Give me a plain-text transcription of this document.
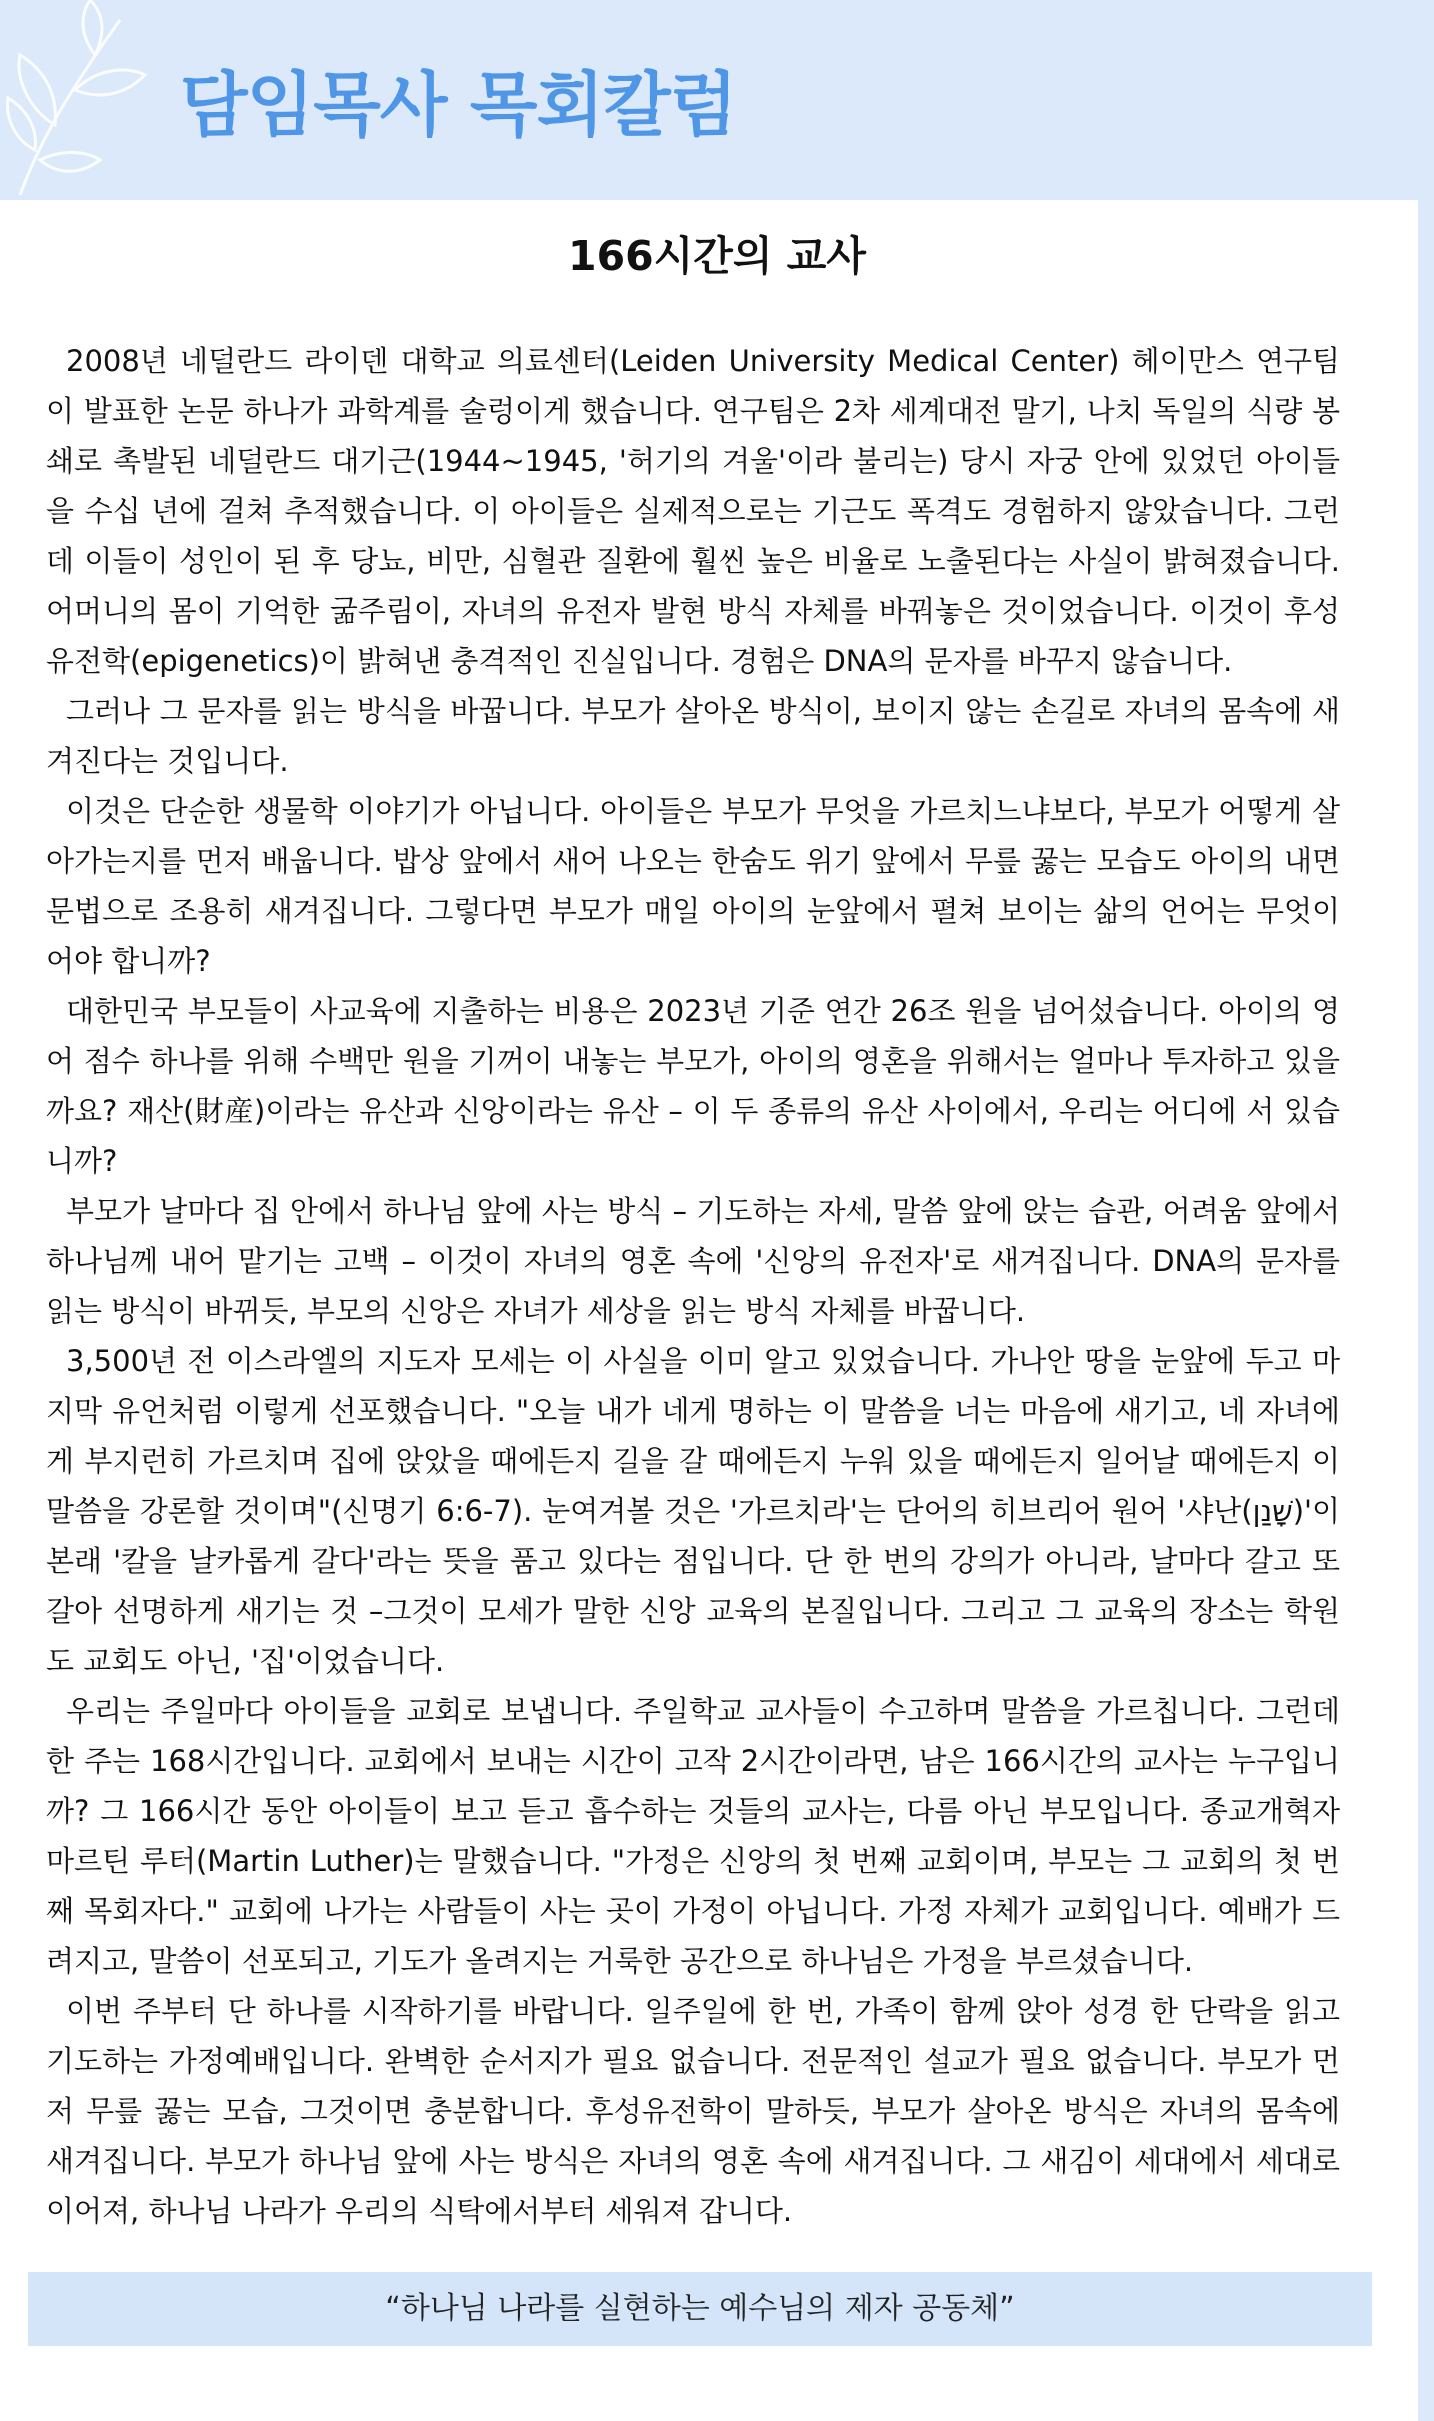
담임목사 목회칼럼
166시간의 교사

2008년 네덜란드 라이덴 대학교 의료센터(Leiden University Medical Center) 헤이만스 연구팀이 발표한 논문 하나가 과학계를 술렁이게 했습니다. 연구팀은 2차 세계대전 말기, 나치 독일의 식량 봉쇄로 촉발된 네덜란드 대기근(1944~1945, '허기의 겨울'이라 불리는) 당시 자궁 안에 있었던 아이들을 수십 년에 걸쳐 추적했습니다. 이 아이들은 실제적으로는 기근도 폭격도 경험하지 않았습니다. 그런데 이들이 성인이 된 후 당뇨, 비만, 심혈관 질환에 훨씬 높은 비율로 노출된다는 사실이 밝혀졌습니다. 어머니의 몸이 기억한 굶주림이, 자녀의 유전자 발현 방식 자체를 바꿔놓은 것이었습니다. 이것이 후성유전학(epigenetics)이 밝혀낸 충격적인 진실입니다. 경험은 DNA의 문자를 바꾸지 않습니다.

그러나 그 문자를 읽는 방식을 바꿉니다. 부모가 살아온 방식이, 보이지 않는 손길로 자녀의 몸속에 새겨진다는 것입니다.

이것은 단순한 생물학 이야기가 아닙니다. 아이들은 부모가 무엇을 가르치느냐보다, 부모가 어떻게 살아가는지를 먼저 배웁니다. 밥상 앞에서 새어 나오는 한숨도 위기 앞에서 무릎 꿇는 모습도 아이의 내면 문법으로 조용히 새겨집니다. 그렇다면 부모가 매일 아이의 눈앞에서 펼쳐 보이는 삶의 언어는 무엇이어야 합니까?

대한민국 부모들이 사교육에 지출하는 비용은 2023년 기준 연간 26조 원을 넘어섰습니다. 아이의 영어 점수 하나를 위해 수백만 원을 기꺼이 내놓는 부모가, 아이의 영혼을 위해서는 얼마나 투자하고 있을까요? 재산(財産)이라는 유산과 신앙이라는 유산 – 이 두 종류의 유산 사이에서, 우리는 어디에 서 있습니까?

부모가 날마다 집 안에서 하나님 앞에 사는 방식 – 기도하는 자세, 말씀 앞에 앉는 습관, 어려움 앞에서 하나님께 내어 맡기는 고백 – 이것이 자녀의 영혼 속에 '신앙의 유전자'로 새겨집니다. DNA의 문자를 읽는 방식이 바뀌듯, 부모의 신앙은 자녀가 세상을 읽는 방식 자체를 바꿉니다.

3,500년 전 이스라엘의 지도자 모세는 이 사실을 이미 알고 있었습니다. 가나안 땅을 눈앞에 두고 마지막 유언처럼 이렇게 선포했습니다. "오늘 내가 네게 명하는 이 말씀을 너는 마음에 새기고, 네 자녀에게 부지런히 가르치며 집에 앉았을 때에든지 길을 갈 때에든지 누워 있을 때에든지 일어날 때에든지 이 말씀을 강론할 것이며"(신명기 6:6-7). 눈여겨볼 것은 '가르치라'는 단어의 히브리어 원어 '샤난(שָׁנַן)'이 본래 '칼을 날카롭게 갈다'라는 뜻을 품고 있다는 점입니다. 단 한 번의 강의가 아니라, 날마다 갈고 또 갈아 선명하게 새기는 것 –그것이 모세가 말한 신앙 교육의 본질입니다. 그리고 그 교육의 장소는 학원도 교회도 아닌, '집'이었습니다.

우리는 주일마다 아이들을 교회로 보냅니다. 주일학교 교사들이 수고하며 말씀을 가르칩니다. 그런데 한 주는 168시간입니다. 교회에서 보내는 시간이 고작 2시간이라면, 남은 166시간의 교사는 누구입니까? 그 166시간 동안 아이들이 보고 듣고 흡수하는 것들의 교사는, 다름 아닌 부모입니다. 종교개혁자 마르틴 루터(Martin Luther)는 말했습니다. "가정은 신앙의 첫 번째 교회이며, 부모는 그 교회의 첫 번째 목회자다." 교회에 나가는 사람들이 사는 곳이 가정이 아닙니다. 가정 자체가 교회입니다. 예배가 드려지고, 말씀이 선포되고, 기도가 올려지는 거룩한 공간으로 하나님은 가정을 부르셨습니다.

이번 주부터 단 하나를 시작하기를 바랍니다. 일주일에 한 번, 가족이 함께 앉아 성경 한 단락을 읽고 기도하는 가정예배입니다. 완벽한 순서지가 필요 없습니다. 전문적인 설교가 필요 없습니다. 부모가 먼저 무릎 꿇는 모습, 그것이면 충분합니다. 후성유전학이 말하듯, 부모가 살아온 방식은 자녀의 몸속에 새겨집니다. 부모가 하나님 앞에 사는 방식은 자녀의 영혼 속에 새겨집니다. 그 새김이 세대에서 세대로 이어져, 하나님 나라가 우리의 식탁에서부터 세워져 갑니다.

“하나님 나라를 실현하는 예수님의 제자 공동체”
